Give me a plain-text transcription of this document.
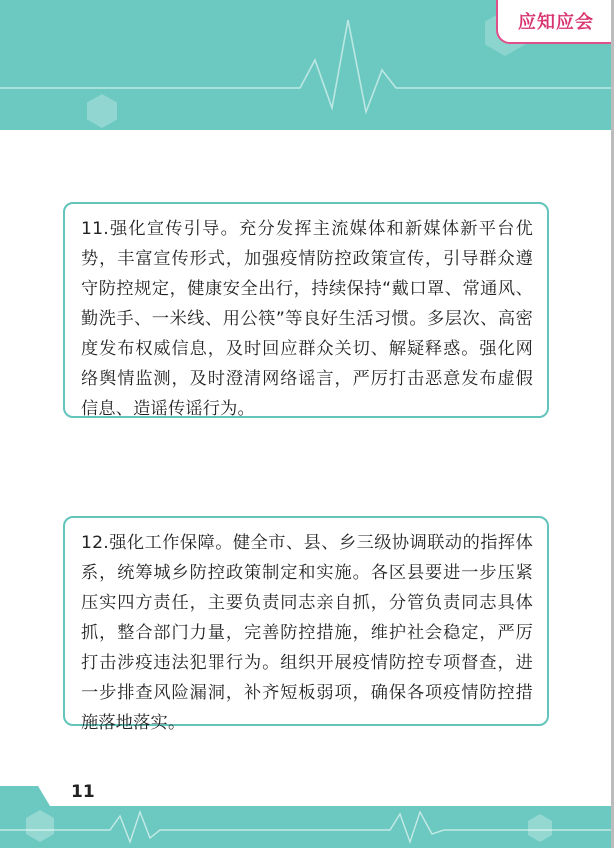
应知应会

11.强化宣传引导。充分发挥主流媒体和新媒体新平台优势，丰富宣传形式，加强疫情防控政策宣传，引导群众遵守防控规定，健康安全出行，持续保持“戴口罩、常通风、勤洗手、一米线、用公筷”等良好生活习惯。多层次、高密度发布权威信息，及时回应群众关切、解疑释惑。强化网络舆情监测，及时澄清网络谣言，严厉打击恶意发布虚假信息、造谣传谣行为。

12.强化工作保障。健全市、县、乡三级协调联动的指挥体系，统筹城乡防控政策制定和实施。各区县要进一步压紧压实四方责任，主要负责同志亲自抓，分管负责同志具体抓，整合部门力量，完善防控措施，维护社会稳定，严厉打击涉疫违法犯罪行为。组织开展疫情防控专项督查，进一步排查风险漏洞，补齐短板弱项，确保各项疫情防控措施落地落实。

11
